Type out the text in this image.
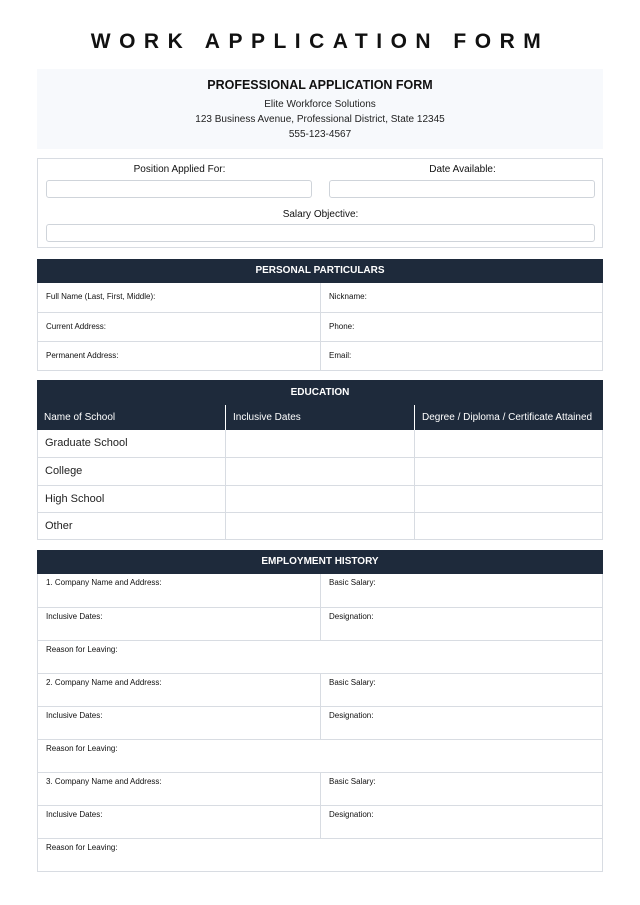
WORK APPLICATION FORM
PROFESSIONAL APPLICATION FORM
Elite Workforce Solutions
123 Business Avenue, Professional District, State 12345
555-123-4567
Position Applied For:	Date Available:
Salary Objective:
PERSONAL PARTICULARS
Full Name (Last, First, Middle):	Nickname:
Current Address:	Phone:
Permanent Address:	Email:
EDUCATION
Name of School	Inclusive Dates	Degree / Diploma / Certificate Attained
Graduate School
College
High School
Other
EMPLOYMENT HISTORY
1. Company Name and Address:	Basic Salary:
Inclusive Dates:	Designation:
Reason for Leaving:
2. Company Name and Address:	Basic Salary:
Inclusive Dates:	Designation:
Reason for Leaving:
3. Company Name and Address:	Basic Salary:
Inclusive Dates:	Designation:
Reason for Leaving:
